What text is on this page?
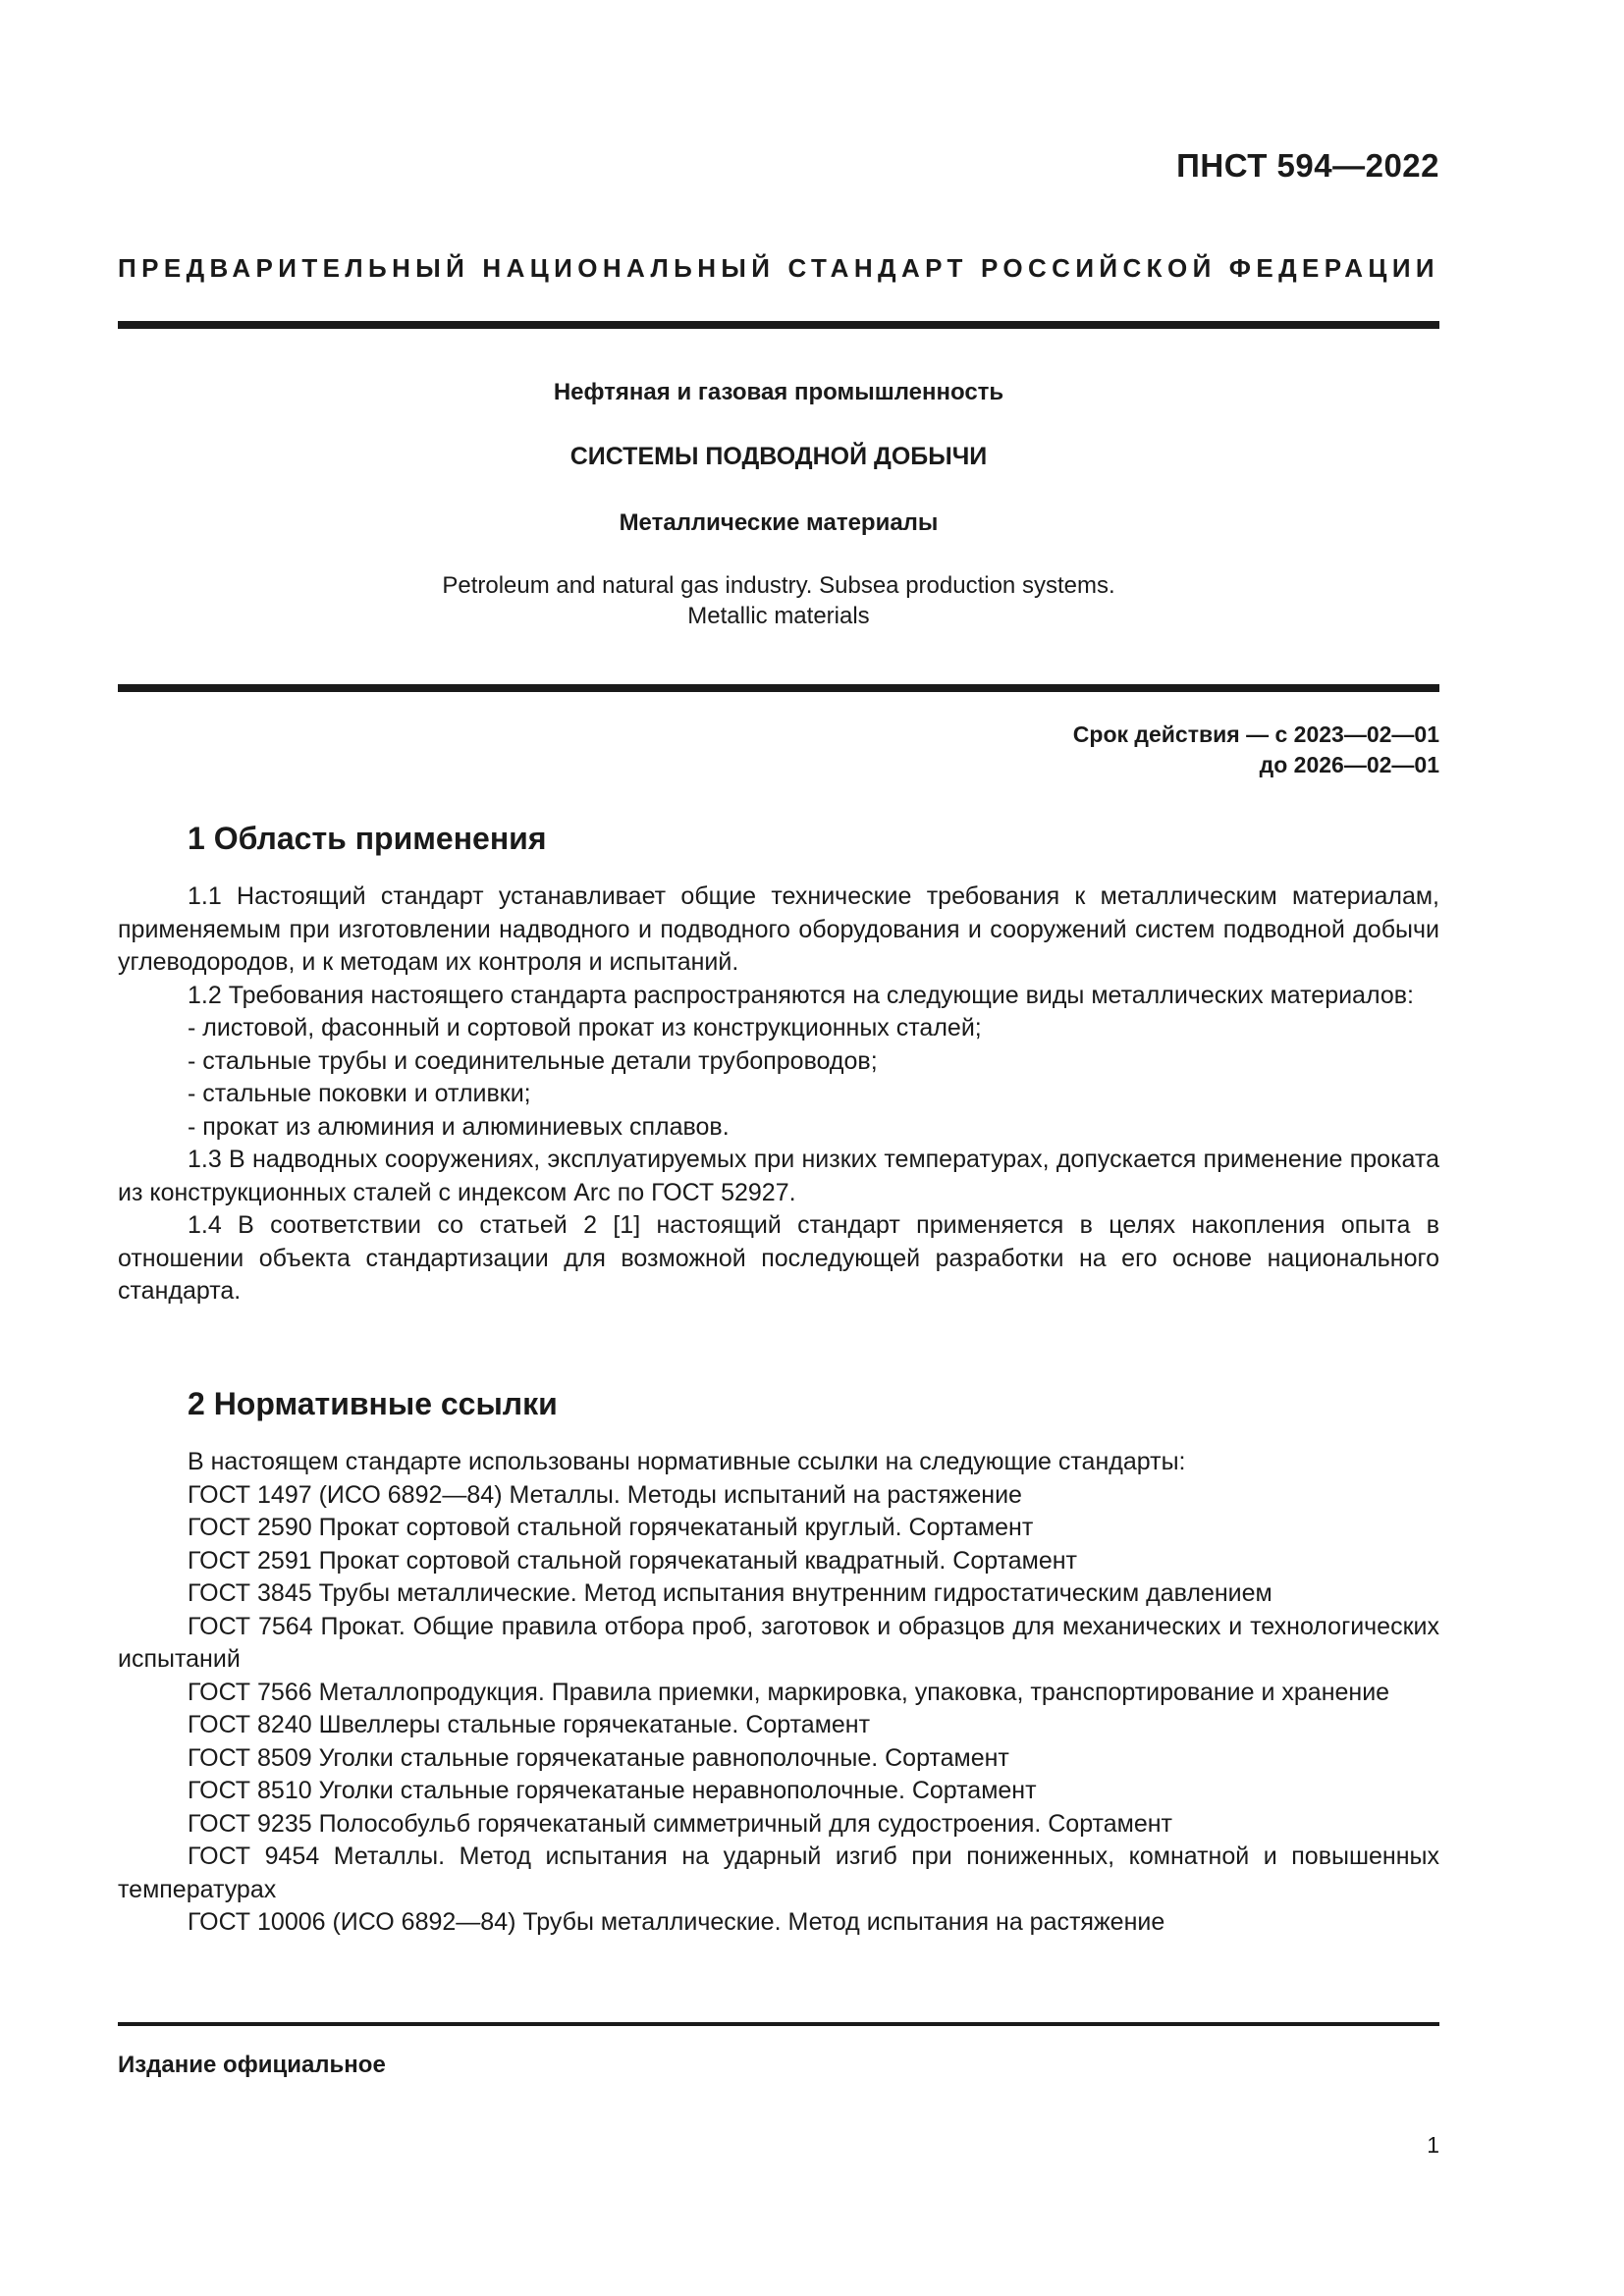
ПНСТ 594—2022
ПРЕДВАРИТЕЛЬНЫЙ НАЦИОНАЛЬНЫЙ СТАНДАРТ РОССИЙСКОЙ ФЕДЕРАЦИИ
Нефтяная и газовая промышленность
СИСТЕМЫ ПОДВОДНОЙ ДОБЫЧИ
Металлические материалы
Petroleum and natural gas industry. Subsea production systems.
Metallic materials
Срок действия — с 2023—02—01
до 2026—02—01
1 Область применения

1.1 Настоящий стандарт устанавливает общие технические требования к металлическим материалам, применяемым при изготовлении надводного и подводного оборудования и сооружений систем подводной добычи углеводородов, и к методам их контроля и испытаний.

1.2 Требования настоящего стандарта распространяются на следующие виды металлических материалов:

- листовой, фасонный и сортовой прокат из конструкционных сталей;

- стальные трубы и соединительные детали трубопроводов;

- стальные поковки и отливки;

- прокат из алюминия и алюминиевых сплавов.

1.3 В надводных сооружениях, эксплуатируемых при низких температурах, допускается применение проката из конструкционных сталей с индексом Arc по ГОСТ 52927.

1.4 В соответствии со статьей 2 [1] настоящий стандарт применяется в целях накопления опыта в отношении объекта стандартизации для возможной последующей разработки на его основе национального стандарта.

2 Нормативные ссылки

В настоящем стандарте использованы нормативные ссылки на следующие стандарты:

ГОСТ 1497 (ИСО 6892—84) Металлы. Методы испытаний на растяжение

ГОСТ 2590 Прокат сортовой стальной горячекатаный круглый. Сортамент

ГОСТ 2591 Прокат сортовой стальной горячекатаный квадратный. Сортамент

ГОСТ 3845 Трубы металлические. Метод испытания внутренним гидростатическим давлением

ГОСТ 7564 Прокат. Общие правила отбора проб, заготовок и образцов для механических и технологических испытаний

ГОСТ 7566 Металлопродукция. Правила приемки, маркировка, упаковка, транспортирование и хранение

ГОСТ 8240 Швеллеры стальные горячекатаные. Сортамент

ГОСТ 8509 Уголки стальные горячекатаные равнополочные. Сортамент

ГОСТ 8510 Уголки стальные горячекатаные неравнополочные. Сортамент

ГОСТ 9235 Полособульб горячекатаный симметричный для судостроения. Сортамент

ГОСТ 9454 Металлы. Метод испытания на ударный изгиб при пониженных, комнатной и повышенных температурах

ГОСТ 10006 (ИСО 6892—84) Трубы металлические. Метод испытания на растяжение

Издание официальное
1
